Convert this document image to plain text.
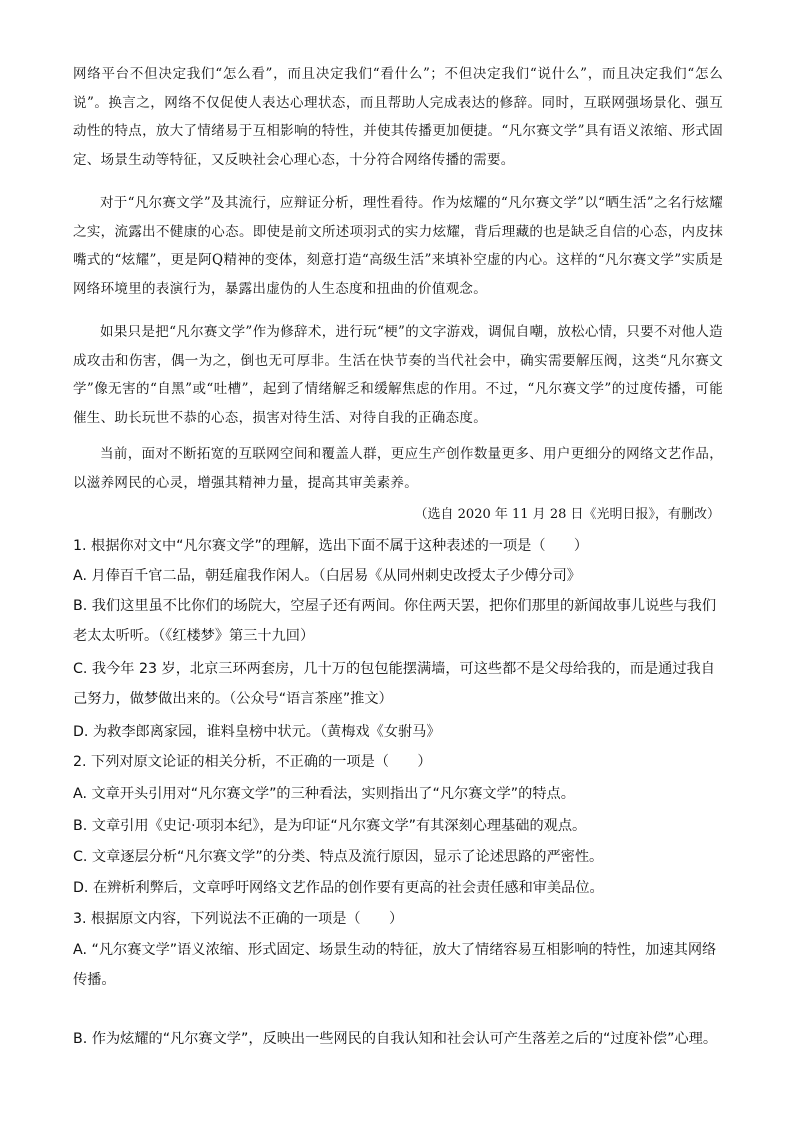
网络平台不但决定我们“怎么看”，而且决定我们“看什么”；不但决定我们“说什么”，而且决定我们“怎么说”。换言之，网络不仅促使人表达心理状态，而且帮助人完成表达的修辞。同时，互联网强场景化、强互动性的特点，放大了情绪易于互相影响的特性，并使其传播更加便捷。“凡尔赛文学”具有语义浓缩、形式固定、场景生动等特征，又反映社会心理心态，十分符合网络传播的需要。
对于“凡尔赛文学”及其流行，应辩证分析，理性看待。作为炫耀的“凡尔赛文学”以“晒生活”之名行炫耀之实，流露出不健康的心态。即使是前文所述项羽式的实力炫耀，背后理藏的也是缺乏自信的心态，内皮抹嘴式的“炫耀”，更是阿Q精神的变体，刻意打造“高级生活”来填补空虚的内心。这样的“凡尔赛文学”实质是网络环境里的表演行为，暴露出虚伪的人生态度和扭曲的价值观念。
如果只是把“凡尔赛文学”作为修辞术，进行玩“梗”的文字游戏，调侃自嘲，放松心情，只要不对他人造成攻击和伤害，偶一为之，倒也无可厚非。生活在快节奏的当代社会中，确实需要解压阀，这类“凡尔赛文学”像无害的“自黑”或“吐槽”，起到了情绪解乏和缓解焦虑的作用。不过，“凡尔赛文学”的过度传播，可能催生、助长玩世不恭的心态，损害对待生活、对待自我的正确态度。
当前，面对不断拓宽的互联网空间和覆盖人群，更应生产创作数量更多、用户更细分的网络文艺作品，以滋养网民的心灵，增强其精神力量，提高其审美素养。
（选自 2020 年 11 月 28 日《光明日报》，有删改）
1. 根据你对文中“凡尔赛文学”的理解，选出下面不属于这种表述的一项是（　　）
A. 月俸百千官二品，朝廷雇我作闲人。（白居易《从同州刺史改授太子少傅分司》
B. 我们这里虽不比你们的场院大，空屋子还有两间。你住两天罢，把你们那里的新闻故事儿说些与我们老太太听听。（《红楼梦》第三十九回）
C. 我今年 23 岁，北京三环两套房，几十万的包包能摆满墙，可这些都不是父母给我的，而是通过我自己努力，做梦做出来的。（公众号“语言茶座”推文）
D. 为救李郎离家园，谁料皇榜中状元。（黄梅戏《女驸马》
2. 下列对原文论证的相关分析，不正确的一项是（　　）
A. 文章开头引用对“凡尔赛文学”的三种看法，实则指出了“凡尔赛文学”的特点。
B. 文章引用《史记·项羽本纪》，是为印证“凡尔赛文学”有其深刻心理基础的观点。
C. 文章逐层分析“凡尔赛文学”的分类、特点及流行原因，显示了论述思路的严密性。
D. 在辨析利弊后，文章呼吁网络文艺作品的创作要有更高的社会责任感和审美品位。
3. 根据原文内容，下列说法不正确的一项是（　　）
A. “凡尔赛文学”语义浓缩、形式固定、场景生动的特征，放大了情绪容易互相影响的特性，加速其网络传播。
B. 作为炫耀的“凡尔赛文学”，反映出一些网民的自我认知和社会认可产生落差之后的“过度补偿”心理。
